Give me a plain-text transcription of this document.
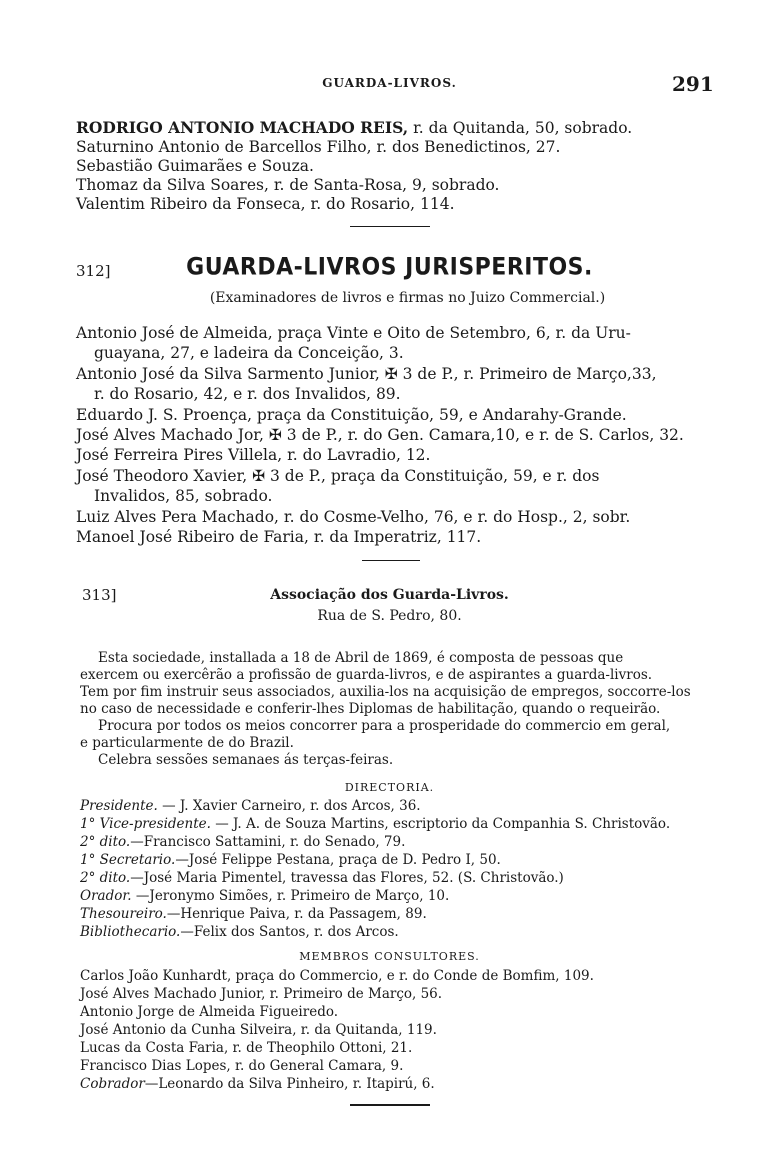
GUARDA-LIVROS.	291
RODRIGO ANTONIO MACHADO REIS, r. da Quitanda, 50, sobrado.
Saturnino Antonio de Barcellos Filho, r. dos Benedictinos, 27.
Sebastião Guimarães e Souza.
Thomaz da Silva Soares, r. de Santa-Rosa, 9, sobrado.
Valentim Ribeiro da Fonseca, r. do Rosario, 114.
312]	GUARDA-LIVROS JURISPERITOS.
(Examinadores de livros e firmas no Juizo Commercial.)
Antonio José de Almeida, praça Vinte e Oito de Setembro, 6, r. da Uru-
guayana, 27, e ladeira da Conceição, 3.
Antonio José da Silva Sarmento Junior, ✠ 3 de P., r. Primeiro de Março,33,
r. do Rosario, 42, e r. dos Invalidos, 89.
Eduardo J. S. Proença, praça da Constituição, 59, e Andarahy-Grande.
José Alves Machado Jor, ✠ 3 de P., r. do Gen. Camara,10, e r. de S. Carlos, 32.
José Ferreira Pires Villela, r. do Lavradio, 12.
José Theodoro Xavier, ✠ 3 de P., praça da Constituição, 59, e r. dos
Invalidos, 85, sobrado.
Luiz Alves Pera Machado, r. do Cosme-Velho, 76, e r. do Hosp., 2, sobr.
Manoel José Ribeiro de Faria, r. da Imperatriz, 117.
313]	Associação dos Guarda-Livros.
Rua de S. Pedro, 80.
Esta sociedade, installada a 18 de Abril de 1869, é composta de pessoas que
exercem ou exercêrão a profissão de guarda-livros, e de aspirantes a guarda-livros.
Tem por fim instruir seus associados, auxilia-los na acquisição de empregos, soccorre-los
no caso de necessidade e conferir-lhes Diplomas de habilitação, quando o requeirão.
Procura por todos os meios concorrer para a prosperidade do commercio em geral,
e particularmente de do Brazil.
Celebra sessões semanaes ás terças-feiras.
DIRECTORIA.
Presidente. — J. Xavier Carneiro, r. dos Arcos, 36.
1° Vice-presidente. — J. A. de Souza Martins, escriptorio da Companhia S. Christovão.
2° dito.—Francisco Sattamini, r. do Senado, 79.
1° Secretario.—José Felippe Pestana, praça de D. Pedro I, 50.
2° dito.—José Maria Pimentel, travessa das Flores, 52. (S. Christovão.)
Orador. —Jeronymo Simões, r. Primeiro de Março, 10.
Thesoureiro.—Henrique Paiva, r. da Passagem, 89.
Bibliothecario.—Felix dos Santos, r. dos Arcos.
MEMBROS CONSULTORES.
Carlos João Kunhardt, praça do Commercio, e r. do Conde de Bomfim, 109.
José Alves Machado Junior, r. Primeiro de Março, 56.
Antonio Jorge de Almeida Figueiredo.
José Antonio da Cunha Silveira, r. da Quitanda, 119.
Lucas da Costa Faria, r. de Theophilo Ottoni, 21.
Francisco Dias Lopes, r. do General Camara, 9.
Cobrador—Leonardo da Silva Pinheiro, r. Itapirú, 6.
